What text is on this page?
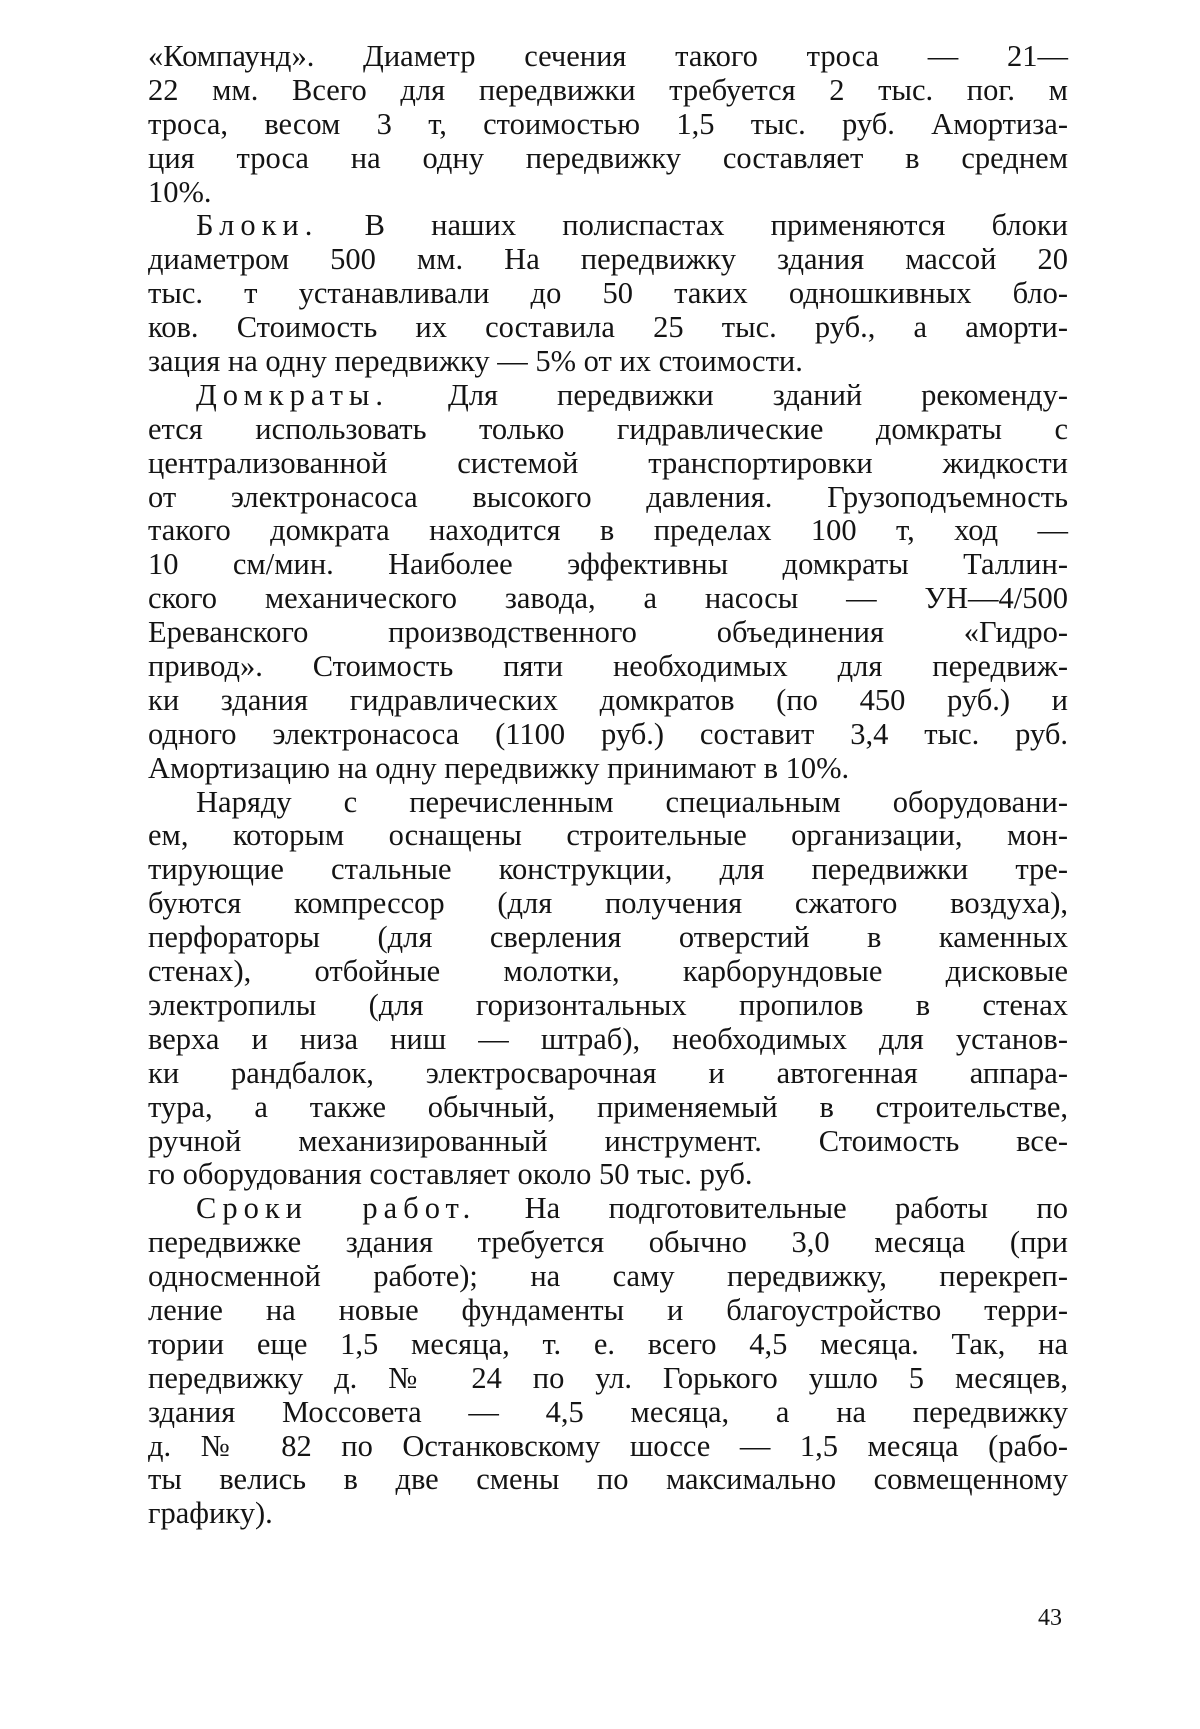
«Компаунд». Диаметр сечения такого троса — 21—
22 мм. Всего для передвижки требуется 2 тыс. пог. м
троса, весом 3 т, стоимостью 1,5 тыс. руб. Амортиза-
ция троса на одну передвижку составляет в среднем
10%.
Блоки. В наших полиспастах применяются блоки
диаметром 500 мм. На передвижку здания массой 20
тыс. т устанавливали до 50 таких одношкивных бло-
ков. Стоимость их составила 25 тыс. руб., а аморти-
зация на одну передвижку — 5% от их стоимости.
Домкраты. Для передвижки зданий рекоменду-
ется использовать только гидравлические домкраты с
централизованной системой транспортировки жидкости
от электронасоса высокого давления. Грузоподъемность
такого домкрата находится в пределах 100 т, ход —
10 см/мин. Наиболее эффективны домкраты Таллин-
ского механического завода, а насосы — УН—4/500
Ереванского производственного объединения «Гидро-
привод». Стоимость пяти необходимых для передвиж-
ки здания гидравлических домкратов (по 450 руб.) и
одного электронасоса (1100 руб.) составит 3,4 тыс. руб.
Амортизацию на одну передвижку принимают в 10%.
Наряду с перечисленным специальным оборудовани-
ем, которым оснащены строительные организации, мон-
тирующие стальные конструкции, для передвижки тре-
буются компрессор (для получения сжатого воздуха),
перфораторы (для сверления отверстий в каменных
стенах), отбойные молотки, карборундовые дисковые
электропилы (для горизонтальных пропилов в стенах
верха и низа ниш — штраб), необходимых для установ-
ки рандбалок, электросварочная и автогенная аппара-
тура, а также обычный, применяемый в строительстве,
ручной механизированный инструмент. Стоимость все-
го оборудования составляет около 50 тыс. руб.
Сроки работ. На подготовительные работы по
передвижке здания требуется обычно 3,0 месяца (при
односменной работе); на саму передвижку, перекреп-
ление на новые фундаменты и благоустройство терри-
тории еще 1,5 месяца, т. е. всего 4,5 месяца. Так, на
передвижку д. № 24 по ул. Горького ушло 5 месяцев,
здания Моссовета — 4,5 месяца, а на передвижку
д. № 82 по Останковскому шоссе — 1,5 месяца (рабо-
ты велись в две смены по максимально совмещенному
графику).
43
